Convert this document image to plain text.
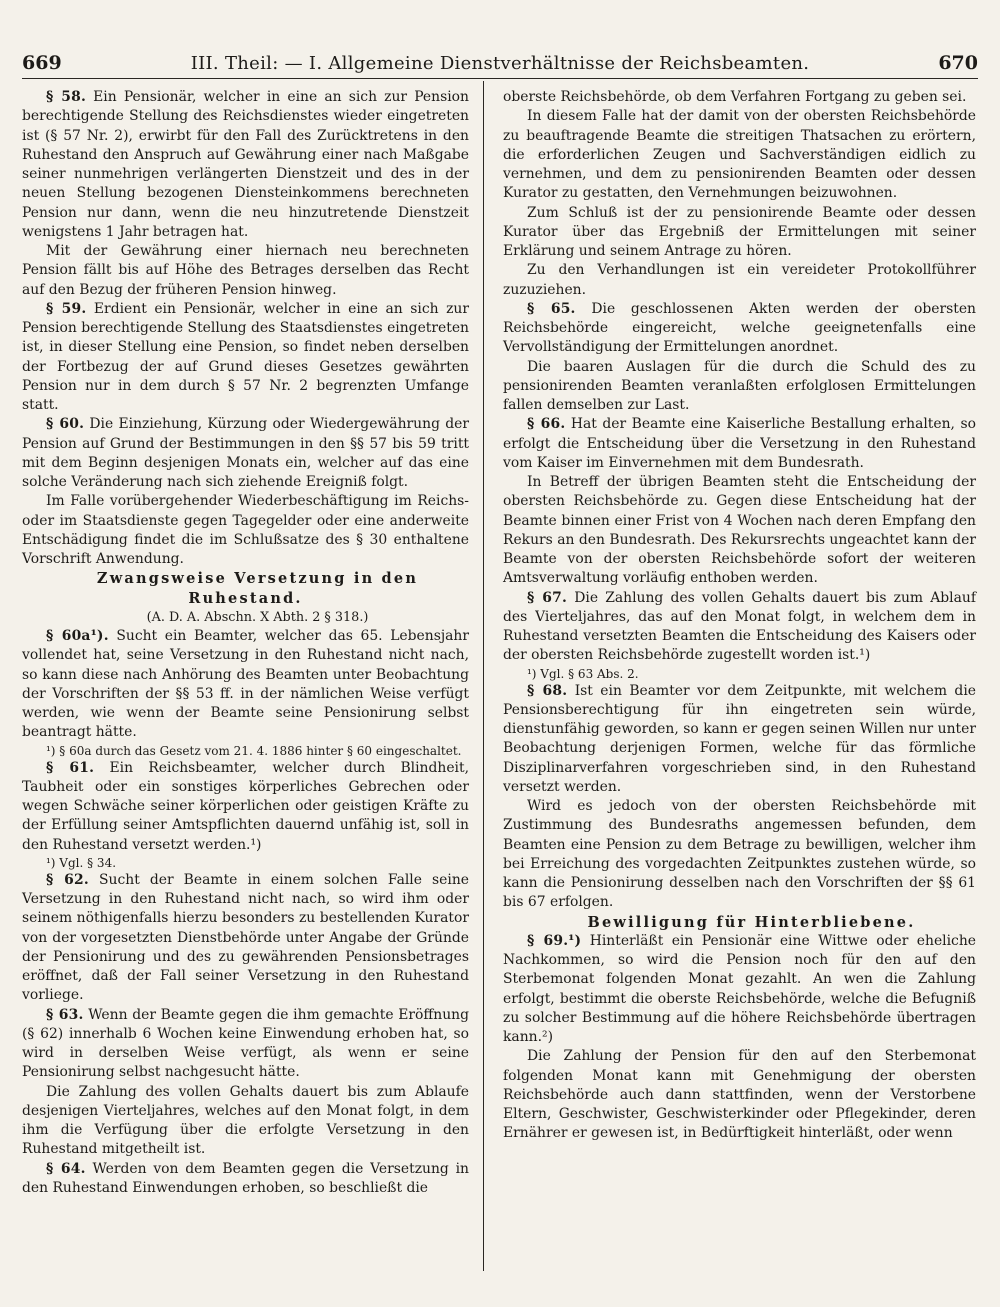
669	III. Theil: — I. Allgemeine Dienstverhältnisse der Reichsbeamten.	670

§ 58. Ein Pensionär, welcher in eine an sich zur Pension berechtigende Stellung des Reichsdienstes wieder eingetreten ist (§ 57 Nr. 2), erwirbt für den Fall des Zurücktretens in den Ruhestand den Anspruch auf Gewährung einer nach Maßgabe seiner nunmehrigen verlängerten Dienstzeit und des in der neuen Stellung bezogenen Diensteinkommens berechneten Pension nur dann, wenn die neu hinzutretende Dienstzeit wenigstens 1 Jahr betragen hat.

Mit der Gewährung einer hiernach neu berechneten Pension fällt bis auf Höhe des Betrages derselben das Recht auf den Bezug der früheren Pension hinweg.

§ 59. Erdient ein Pensionär, welcher in eine an sich zur Pension berechtigende Stellung des Staatsdienstes eingetreten ist, in dieser Stellung eine Pension, so findet neben derselben der Fortbezug der auf Grund dieses Gesetzes gewährten Pension nur in dem durch § 57 Nr. 2 begrenzten Umfange statt.

§ 60. Die Einziehung, Kürzung oder Wiedergewährung der Pension auf Grund der Bestimmungen in den §§ 57 bis 59 tritt mit dem Beginn desjenigen Monats ein, welcher auf das eine solche Veränderung nach sich ziehende Ereigniß folgt.

Im Falle vorübergehender Wiederbeschäftigung im Reichs- oder im Staatsdienste gegen Tagegelder oder eine anderweite Entschädigung findet die im Schlußsatze des § 30 enthaltene Vorschrift Anwendung.

Zwangsweise Versetzung in den Ruhestand.

(A. D. A. Abschn. X Abth. 2 § 318.)

§ 60a¹). Sucht ein Beamter, welcher das 65. Lebensjahr vollendet hat, seine Versetzung in den Ruhestand nicht nach, so kann diese nach Anhörung des Beamten unter Beobachtung der Vorschriften der §§ 53 ff. in der nämlichen Weise verfügt werden, wie wenn der Beamte seine Pensionirung selbst beantragt hätte.

¹) § 60a durch das Gesetz vom 21. 4. 1886 hinter § 60 eingeschaltet.

§ 61. Ein Reichsbeamter, welcher durch Blindheit, Taubheit oder ein sonstiges körperliches Gebrechen oder wegen Schwäche seiner körperlichen oder geistigen Kräfte zu der Erfüllung seiner Amtspflichten dauernd unfähig ist, soll in den Ruhestand versetzt werden.¹)

¹) Vgl. § 34.

§ 62. Sucht der Beamte in einem solchen Falle seine Versetzung in den Ruhestand nicht nach, so wird ihm oder seinem nöthigenfalls hierzu besonders zu bestellenden Kurator von der vorgesetzten Dienstbehörde unter Angabe der Gründe der Pensionirung und des zu gewährenden Pensionsbetrages eröffnet, daß der Fall seiner Versetzung in den Ruhestand vorliege.

§ 63. Wenn der Beamte gegen die ihm gemachte Eröffnung (§ 62) innerhalb 6 Wochen keine Einwendung erhoben hat, so wird in derselben Weise verfügt, als wenn er seine Pensionirung selbst nachgesucht hätte.

Die Zahlung des vollen Gehalts dauert bis zum Ablaufe desjenigen Vierteljahres, welches auf den Monat folgt, in dem ihm die Verfügung über die erfolgte Versetzung in den Ruhestand mitgetheilt ist.

§ 64. Werden von dem Beamten gegen die Versetzung in den Ruhestand Einwendungen erhoben, so beschließt die

oberste Reichsbehörde, ob dem Verfahren Fortgang zu geben sei.

In diesem Falle hat der damit von der obersten Reichsbehörde zu beauftragende Beamte die streitigen Thatsachen zu erörtern, die erforderlichen Zeugen und Sachverständigen eidlich zu vernehmen, und dem zu pensionirenden Beamten oder dessen Kurator zu gestatten, den Vernehmungen beizuwohnen.

Zum Schluß ist der zu pensionirende Beamte oder dessen Kurator über das Ergebniß der Ermittelungen mit seiner Erklärung und seinem Antrage zu hören.

Zu den Verhandlungen ist ein vereideter Protokollführer zuzuziehen.

§ 65. Die geschlossenen Akten werden der obersten Reichsbehörde eingereicht, welche geeignetenfalls eine Vervollständigung der Ermittelungen anordnet.

Die baaren Auslagen für die durch die Schuld des zu pensionirenden Beamten veranlaßten erfolglosen Ermittelungen fallen demselben zur Last.

§ 66. Hat der Beamte eine Kaiserliche Bestallung erhalten, so erfolgt die Entscheidung über die Versetzung in den Ruhestand vom Kaiser im Einvernehmen mit dem Bundesrath.

In Betreff der übrigen Beamten steht die Entscheidung der obersten Reichsbehörde zu. Gegen diese Entscheidung hat der Beamte binnen einer Frist von 4 Wochen nach deren Empfang den Rekurs an den Bundesrath. Des Rekursrechts ungeachtet kann der Beamte von der obersten Reichsbehörde sofort der weiteren Amtsverwaltung vorläufig enthoben werden.

§ 67. Die Zahlung des vollen Gehalts dauert bis zum Ablauf des Vierteljahres, das auf den Monat folgt, in welchem dem in Ruhestand versetzten Beamten die Entscheidung des Kaisers oder der obersten Reichsbehörde zugestellt worden ist.¹)

¹) Vgl. § 63 Abs. 2.

§ 68. Ist ein Beamter vor dem Zeitpunkte, mit welchem die Pensionsberechtigung für ihn eingetreten sein würde, dienstunfähig geworden, so kann er gegen seinen Willen nur unter Beobachtung derjenigen Formen, welche für das förmliche Disziplinarverfahren vorgeschrieben sind, in den Ruhestand versetzt werden.

Wird es jedoch von der obersten Reichsbehörde mit Zustimmung des Bundesraths angemessen befunden, dem Beamten eine Pension zu dem Betrage zu bewilligen, welcher ihm bei Erreichung des vorgedachten Zeitpunktes zustehen würde, so kann die Pensionirung desselben nach den Vorschriften der §§ 61 bis 67 erfolgen.

Bewilligung für Hinterbliebene.

§ 69.¹) Hinterläßt ein Pensionär eine Wittwe oder eheliche Nachkommen, so wird die Pension noch für den auf den Sterbemonat folgenden Monat gezahlt. An wen die Zahlung erfolgt, bestimmt die oberste Reichsbehörde, welche die Befugniß zu solcher Bestimmung auf die höhere Reichsbehörde übertragen kann.²)

Die Zahlung der Pension für den auf den Sterbemonat folgenden Monat kann mit Genehmigung der obersten Reichsbehörde auch dann stattfinden, wenn der Verstorbene Eltern, Geschwister, Geschwisterkinder oder Pflegekinder, deren Ernährer er gewesen ist, in Bedürftigkeit hinterläßt, oder wenn
